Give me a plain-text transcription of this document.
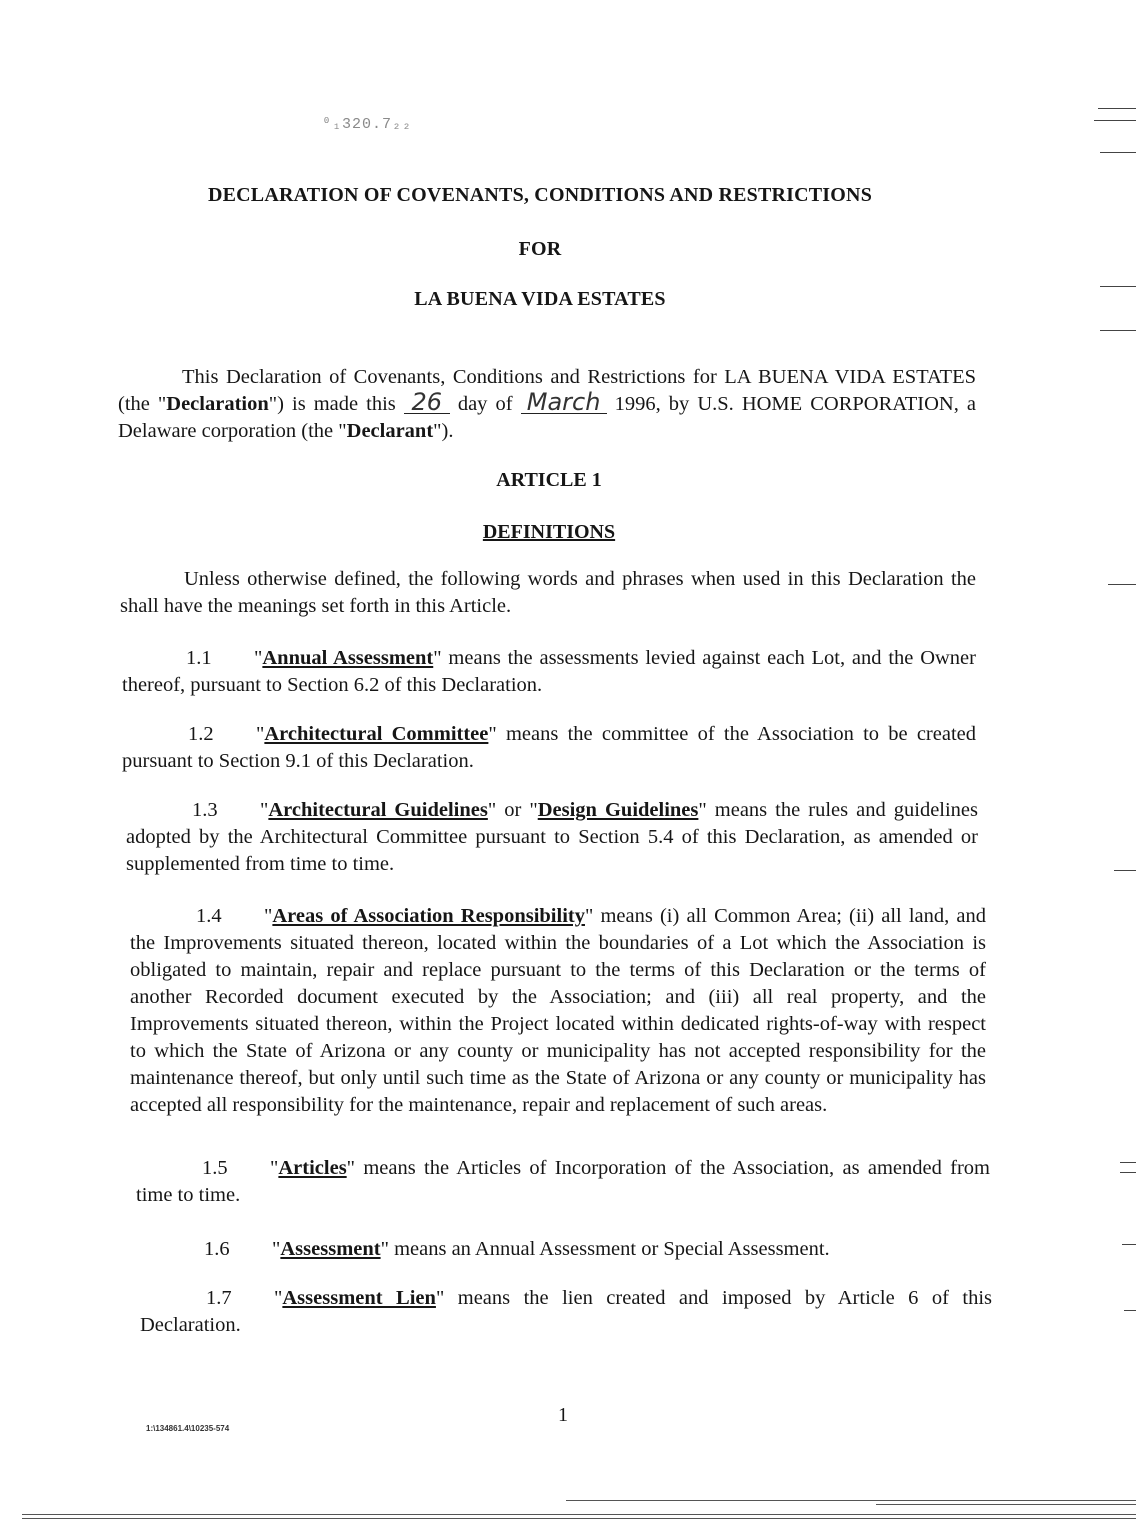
⁰₁320.7₂₂
DECLARATION OF COVENANTS, CONDITIONS AND RESTRICTIONS
FOR
LA BUENA VIDA ESTATES
This Declaration of Covenants, Conditions and Restrictions for LA BUENA VIDA ESTATES (the "Declaration") is made this 26 day of March 1996, by U.S. HOME CORPORATION, a Delaware corporation (the "Declarant").
ARTICLE 1
DEFINITIONS
Unless otherwise defined, the following words and phrases when used in this Declaration the shall have the meanings set forth in this Article.
1.1 "Annual Assessment" means the assessments levied against each Lot, and the Owner thereof, pursuant to Section 6.2 of this Declaration.
1.2 "Architectural Committee" means the committee of the Association to be created pursuant to Section 9.1 of this Declaration.
1.3 "Architectural Guidelines" or "Design Guidelines" means the rules and guidelines adopted by the Architectural Committee pursuant to Section 5.4 of this Declaration, as amended or supplemented from time to time.
1.4 "Areas of Association Responsibility" means (i) all Common Area; (ii) all land, and the Improvements situated thereon, located within the boundaries of a Lot which the Association is obligated to maintain, repair and replace pursuant to the terms of this Declaration or the terms of another Recorded document executed by the Association; and (iii) all real property, and the Improvements situated thereon, within the Project located within dedicated rights-of-way with respect to which the State of Arizona or any county or municipality has not accepted responsibility for the maintenance thereof, but only until such time as the State of Arizona or any county or municipality has accepted all responsibility for the maintenance, repair and replacement of such areas.
1.5 "Articles" means the Articles of Incorporation of the Association, as amended from time to time.
1.6 "Assessment" means an Annual Assessment or Special Assessment.
1.7 "Assessment Lien" means the lien created and imposed by Article 6 of this Declaration.
1
1:\134861.4\10235-574
